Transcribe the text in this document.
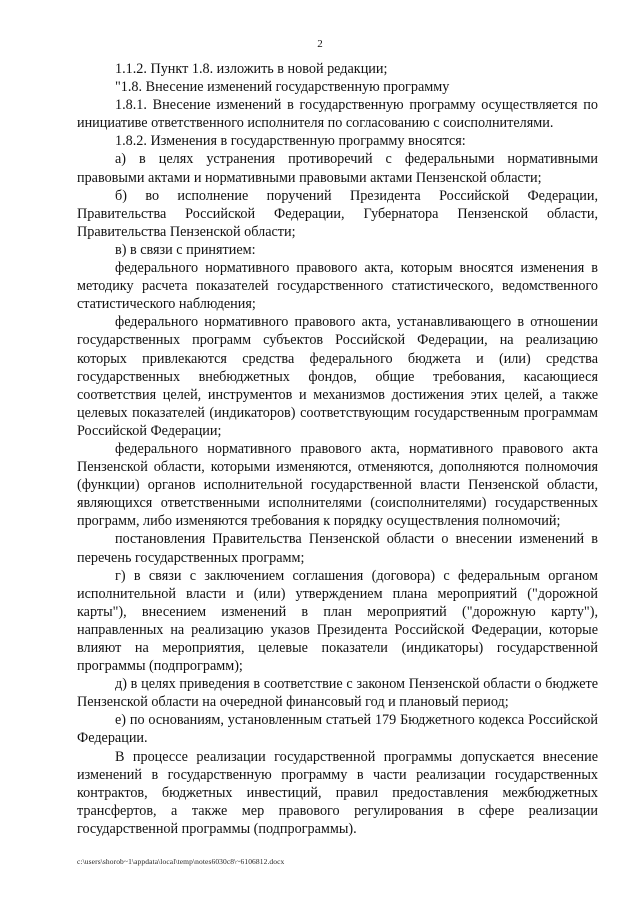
2

1.1.2. Пункт 1.8. изложить в новой редакции;

"1.8. Внесение изменений государственную программу

1.8.1. Внесение изменений в государственную программу осуществляется по инициативе ответственного исполнителя по согласованию с соисполнителями.

1.8.2. Изменения в государственную программу вносятся:

а) в целях устранения противоречий с федеральными нормативными правовыми актами и нормативными правовыми актами Пензенской области;

б) во исполнение поручений Президента Российской Федерации, Правительства Российской Федерации, Губернатора Пензенской области, Правительства Пензенской области;

в) в связи с принятием:

федерального нормативного правового акта, которым вносятся изменения в методику расчета показателей государственного статистического, ведомственного статистического наблюдения;

федерального нормативного правового акта, устанавливающего в отношении государственных программ субъектов Российской Федерации, на реализацию которых привлекаются средства федерального бюджета и (или) средства государственных внебюджетных фондов, общие требования, касающиеся соответствия целей, инструментов и механизмов достижения этих целей, а также целевых показателей (индикаторов) соответствующим государственным программам Российской Федерации;

федерального нормативного правового акта, нормативного правового акта Пензенской области, которыми изменяются, отменяются, дополняются полномочия (функции) органов исполнительной государственной власти Пензенской области, являющихся ответственными исполнителями (соисполнителями) государственных программ, либо изменяются требования к порядку осуществления полномочий;

постановления Правительства Пензенской области о внесении изменений в перечень государственных программ;

г) в связи с заключением соглашения (договора) с федеральным органом исполнительной власти и (или) утверждением плана мероприятий ("дорожной карты"), внесением изменений в план мероприятий ("дорожную карту"), направленных на реализацию указов Президента Российской Федерации, которые влияют на мероприятия, целевые показатели (индикаторы) государственной программы (подпрограмм);

д) в целях приведения в соответствие с законом Пензенской области о бюджете Пензенской области на очередной финансовый год и плановый период;

е) по основаниям, установленным статьей 179 Бюджетного кодекса Российской Федерации.

В процессе реализации государственной программы допускается внесение изменений в государственную программу в части реализации государственных контрактов, бюджетных инвестиций, правил предоставления межбюджетных трансфертов, а также мер правового регулирования в сфере реализации государственной программы (подпрограммы).

c:\users\shorob~1\appdata\local\temp\notes6030c8\~6106812.docx
